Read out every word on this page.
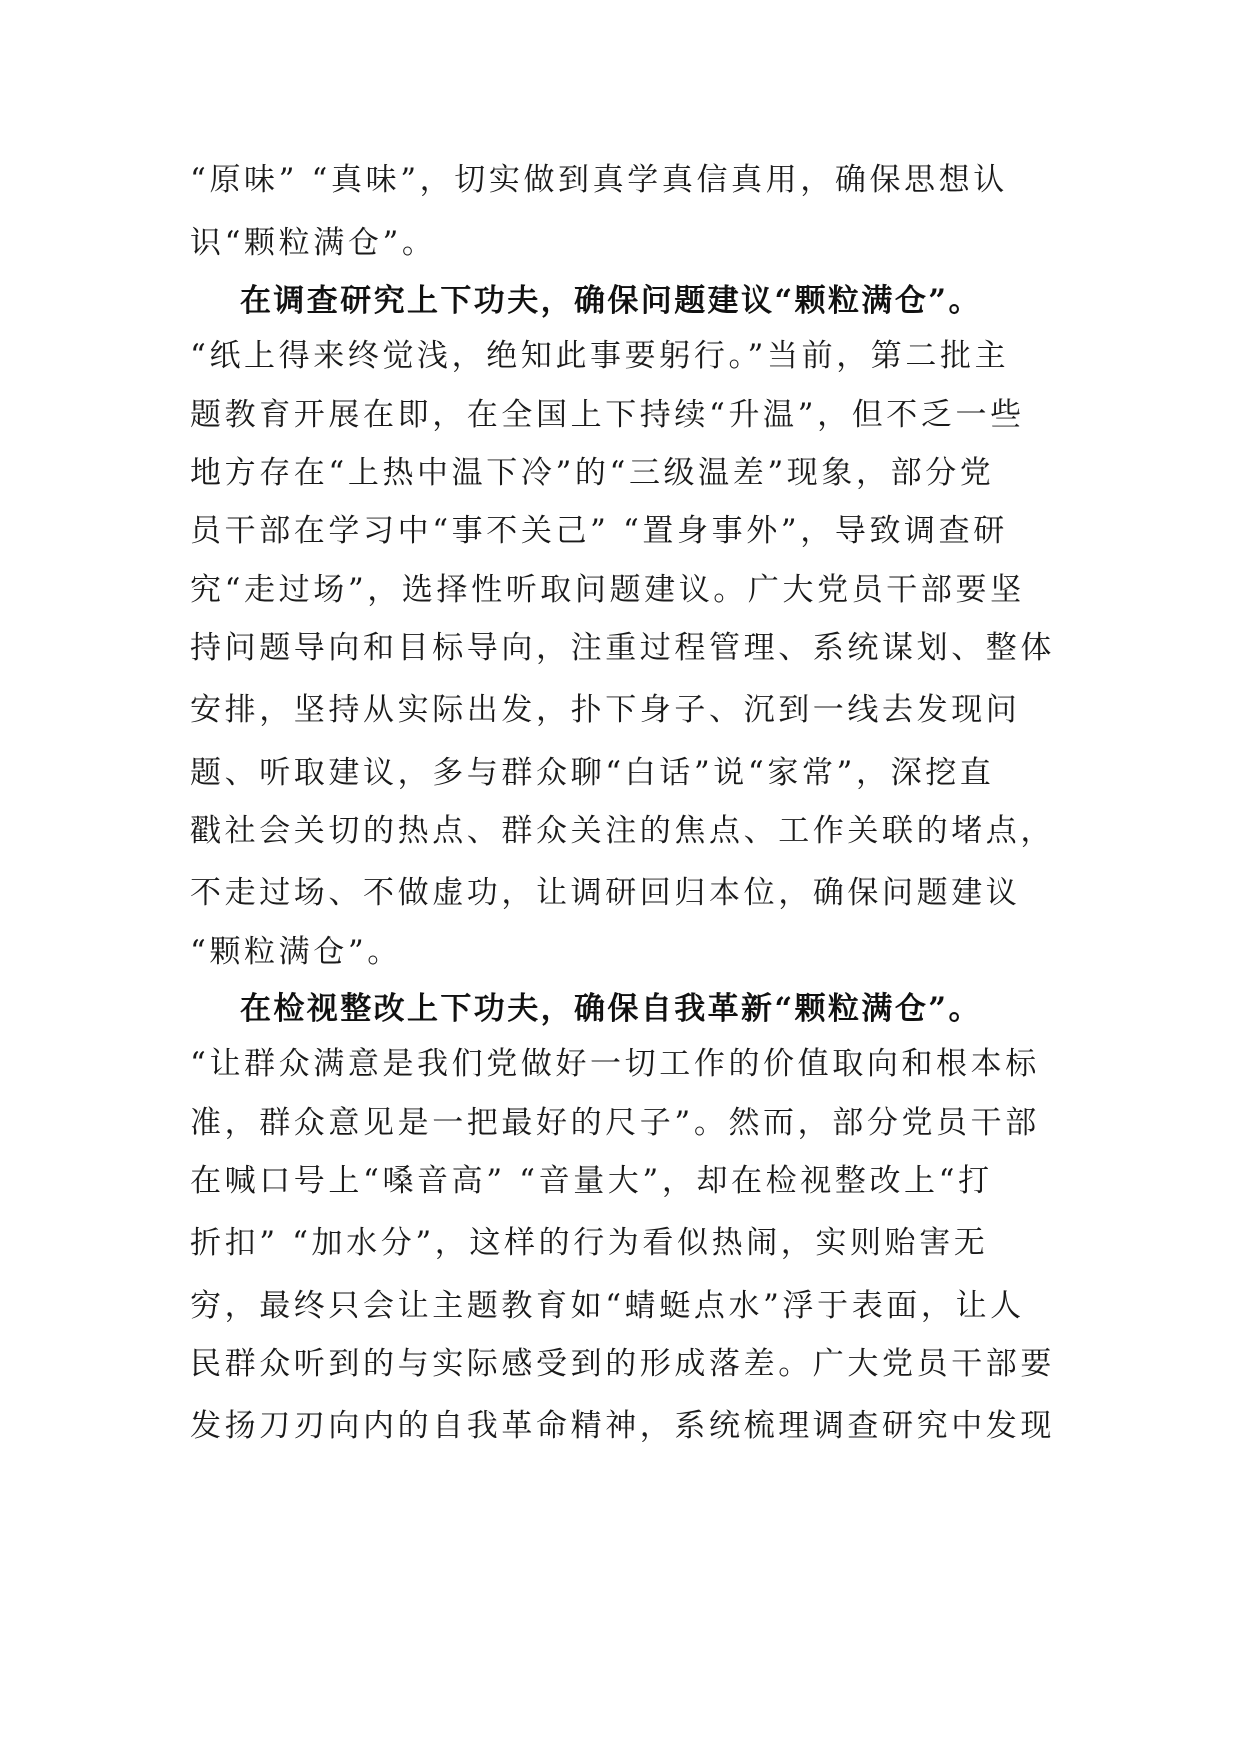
“原味” “真味”，切实做到真学真信真用，确保思想认
识“颗粒满仓”。
在调查研究上下功夫，确保问题建议“颗粒满仓”。
“纸上得来终觉浅，绝知此事要躬行。”当前，第二批主
题教育开展在即，在全国上下持续“升温”，但不乏一些
地方存在“上热中温下冷”的“三级温差”现象，部分党
员干部在学习中“事不关己” “置身事外”，导致调查研
究“走过场”，选择性听取问题建议。广大党员干部要坚
持问题导向和目标导向，注重过程管理、系统谋划、整体
安排，坚持从实际出发，扑下身子、沉到一线去发现问
题、听取建议，多与群众聊“白话”说“家常”，深挖直
戳社会关切的热点、群众关注的焦点、工作关联的堵点，
不走过场、不做虚功，让调研回归本位，确保问题建议
“颗粒满仓”。
在检视整改上下功夫，确保自我革新“颗粒满仓”。
“让群众满意是我们党做好一切工作的价值取向和根本标
准，群众意见是一把最好的尺子”。然而，部分党员干部
在喊口号上“嗓音高” “音量大”，却在检视整改上“打
折扣” “加水分”，这样的行为看似热闹，实则贻害无
穷，最终只会让主题教育如“蜻蜓点水”浮于表面，让人
民群众听到的与实际感受到的形成落差。广大党员干部要
发扬刀刃向内的自我革命精神，系统梳理调查研究中发现
